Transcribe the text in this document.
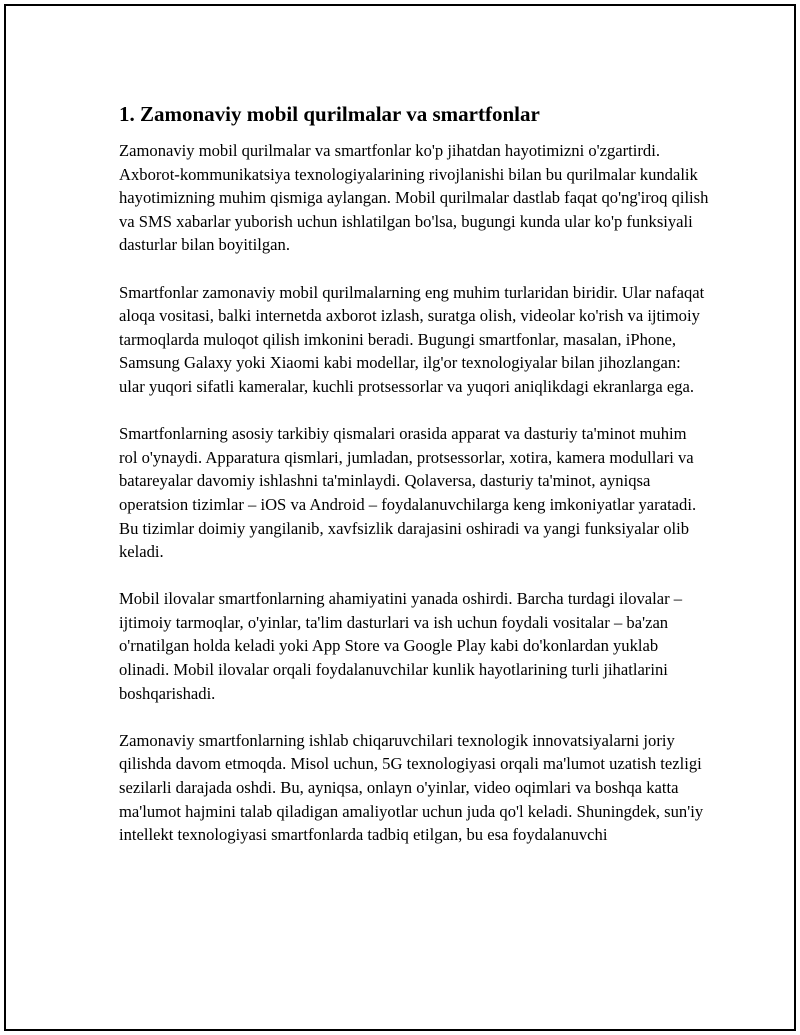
1. Zamonaviy mobil qurilmalar va smartfonlar

Zamonaviy mobil qurilmalar va smartfonlar ko'p jihatdan hayotimizni o'zgartirdi. Axborot-kommunikatsiya texnologiyalarining rivojlanishi bilan bu qurilmalar kundalik hayotimizning muhim qismiga aylangan. Mobil qurilmalar dastlab faqat qo'ng'iroq qilish va SMS xabarlar yuborish uchun ishlatilgan bo'lsa, bugungi kunda ular ko'p funksiyali dasturlar bilan boyitilgan.

Smartfonlar zamonaviy mobil qurilmalarning eng muhim turlaridan biridir. Ular nafaqat aloqa vositasi, balki internetda axborot izlash, suratga olish, videolar ko'rish va ijtimoiy tarmoqlarda muloqot qilish imkonini beradi. Bugungi smartfonlar, masalan, iPhone, Samsung Galaxy yoki Xiaomi kabi modellar, ilg'or texnologiyalar bilan jihozlangan: ular yuqori sifatli kameralar, kuchli protsessorlar va yuqori aniqlikdagi ekranlarga ega.

Smartfonlarning asosiy tarkibiy qismalari orasida apparat va dasturiy ta'minot muhim rol o'ynaydi. Apparatura qismlari, jumladan, protsessorlar, xotira, kamera modullari va batareyalar davomiy ishlashni ta'minlaydi. Qolaversa, dasturiy ta'minot, ayniqsa operatsion tizimlar – iOS va Android – foydalanuvchilarga keng imkoniyatlar yaratadi. Bu tizimlar doimiy yangilanib, xavfsizlik darajasini oshiradi va yangi funksiyalar olib keladi.

Mobil ilovalar smartfonlarning ahamiyatini yanada oshirdi. Barcha turdagi ilovalar – ijtimoiy tarmoqlar, o'yinlar, ta'lim dasturlari va ish uchun foydali vositalar – ba'zan o'rnatilgan holda keladi yoki App Store va Google Play kabi do'konlardan yuklab olinadi. Mobil ilovalar orqali foydalanuvchilar kunlik hayotlarining turli jihatlarini boshqarishadi.

Zamonaviy smartfonlarning ishlab chiqaruvchilari texnologik innovatsiyalarni joriy qilishda davom etmoqda. Misol uchun, 5G texnologiyasi orqali ma'lumot uzatish tezligi sezilarli darajada oshdi. Bu, ayniqsa, onlayn o'yinlar, video oqimlari va boshqa katta ma'lumot hajmini talab qiladigan amaliyotlar uchun juda qo'l keladi. Shuningdek, sun'iy intellekt texnologiyasi smartfonlarda tadbiq etilgan, bu esa foydalanuvchi
